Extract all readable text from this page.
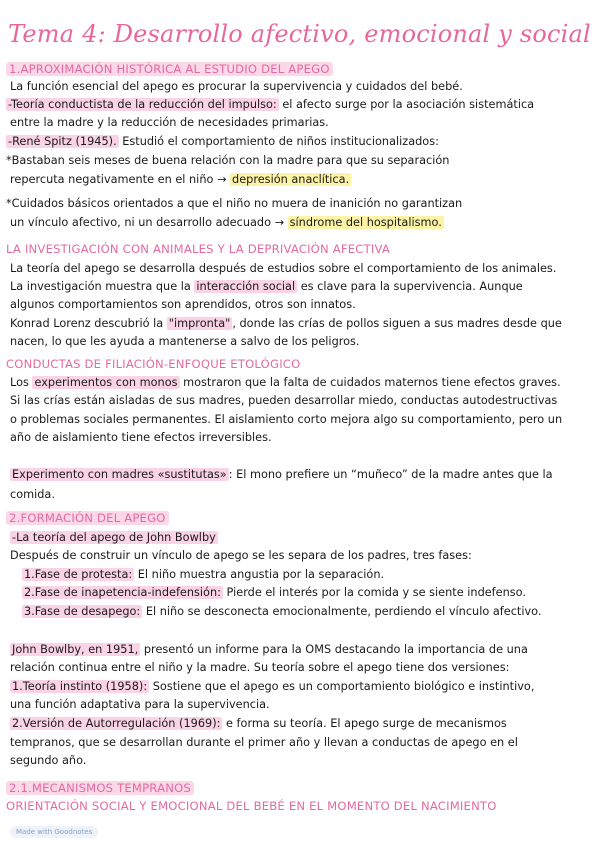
Tema 4: Desarrollo afectivo, emocional y social
1.APROXIMACIÓN HISTÓRICA AL ESTUDIO DEL APEGO
La función esencial del apego es procurar la supervivencia y cuidados del bebé.
-Teoría conductista de la reducción del impulso: el afecto surge por la asociación sistemática
entre la madre y la reducción de necesidades primarias.
-René Spitz (1945). Estudió el comportamiento de niños institucionalizados:
*Bastaban seis meses de buena relación con la madre para que su separación
repercuta negativamente en el niño → depresión anaclítica.
*Cuidados básicos orientados a que el niño no muera de inanición no garantizan
un vínculo afectivo, ni un desarrollo adecuado → síndrome del hospitalismo.
LA INVESTIGACIÓN CON ANIMALES Y LA DEPRIVACIÓN AFECTIVA
La teoría del apego se desarrolla después de estudios sobre el comportamiento de los animales.
La investigación muestra que la interacción social es clave para la supervivencia. Aunque
algunos comportamientos son aprendidos, otros son innatos.
Konrad Lorenz descubrió la "impronta" , donde las crías de pollos siguen a sus madres desde que
nacen, lo que les ayuda a mantenerse a salvo de los peligros.
CONDUCTAS DE FILIACIÓN-ENFOQUE ETOLÓGICO
Los experimentos con monos mostraron que la falta de cuidados maternos tiene efectos graves.
Si las crías están aisladas de sus madres, pueden desarrollar miedo, conductas autodestructivas
o problemas sociales permanentes. El aislamiento corto mejora algo su comportamiento, pero un
año de aislamiento tiene efectos irreversibles.
Experimento con madres «sustitutas» : El mono prefiere un “muñeco” de la madre antes que la
comida.
2.FORMACIÓN DEL APEGO
-La teoría del apego de John Bowlby
Después de construir un vínculo de apego se les separa de los padres, tres fases:
1.Fase de protesta: El niño muestra angustia por la separación.
2.Fase de inapetencia-indefensión: Pierde el interés por la comida y se siente indefenso.
3.Fase de desapego: El niño se desconecta emocionalmente, perdiendo el vínculo afectivo.
John Bowlby, en 1951, presentó un informe para la OMS destacando la importancia de una
relación continua entre el niño y la madre. Su teoría sobre el apego tiene dos versiones:
1.Teoría instinto (1958): Sostiene que el apego es un comportamiento biológico e instintivo,
una función adaptativa para la supervivencia.
2.Versión de Autorregulación (1969): e forma su teoría. El apego surge de mecanismos
tempranos, que se desarrollan durante el primer año y llevan a conductas de apego en el
segundo año.
2.1.MECANISMOS TEMPRANOS
ORIENTACIÓN SOCIAL Y EMOCIONAL DEL BEBÉ EN EL MOMENTO DEL NACIMIENTO
Made with Goodnotes
